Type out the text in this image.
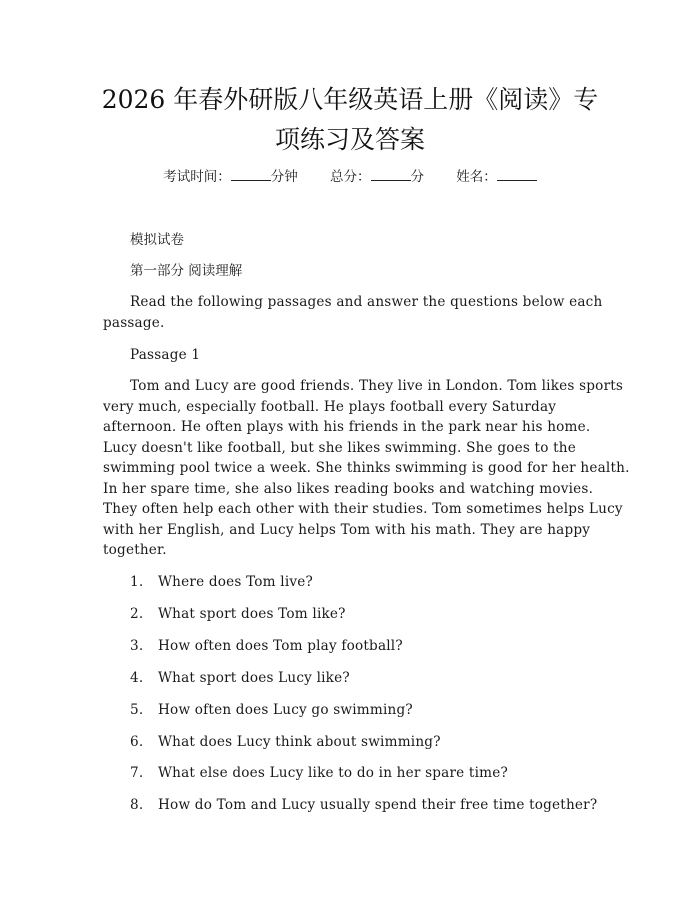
2026 年春外研版八年级英语上册《阅读》专
项练习及答案
考试时间：	分钟 总分：	分 姓名：
模拟试卷
第一部分 阅读理解
Read the following passages and answer the questions below each
passage.
Passage 1
Tom and Lucy are good friends. They live in London. Tom likes sports
very much, especially football. He plays football every Saturday
afternoon. He often plays with his friends in the park near his home.
Lucy doesn't like football, but she likes swimming. She goes to the
swimming pool twice a week. She thinks swimming is good for her health.
In her spare time, she also likes reading books and watching movies.
They often help each other with their studies. Tom sometimes helps Lucy
with her English, and Lucy helps Tom with his math. They are happy
together.
1. Where does Tom live?
2. What sport does Tom like?
3. How often does Tom play football?
4. What sport does Lucy like?
5. How often does Lucy go swimming?
6. What does Lucy think about swimming?
7. What else does Lucy like to do in her spare time?
8. How do Tom and Lucy usually spend their free time together?
